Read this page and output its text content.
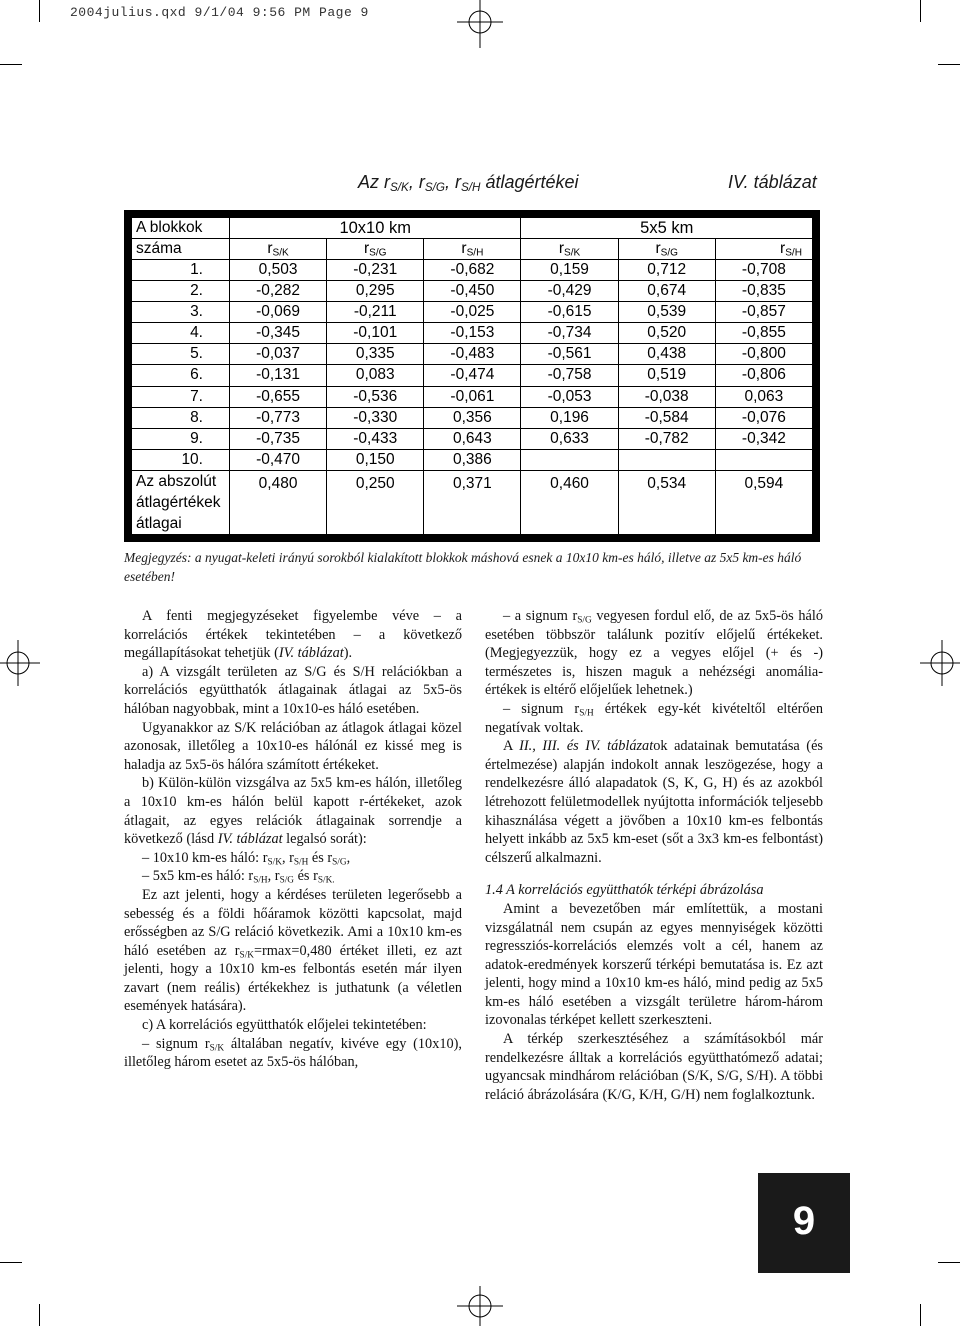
2004julius.qxd 9/1/04 9:56 PM Page 9
Az $r_{S/K}$, $r_{S/G}$, $r_{S/H}$ átlagértékei	IV. táblázat
A blokkok	10x10 km			5x5 km		
száma	$r_{S/K}$	$r_{S/G}$	$r_{S/H}$	$r_{S/K}$	$r_{S/G}$	$r_{S/H}$
1.	0,503	-0,231	-0,682	0,159	0,712	-0,708
2.	-0,282	0,295	-0,450	-0,429	0,674	-0,835
3.	-0,069	-0,211	-0,025	-0,615	0,539	-0,857
4.	-0,345	-0,101	-0,153	-0,734	0,520	-0,855
5.	-0,037	0,335	-0,483	-0,561	0,438	-0,800
6.	-0,131	0,083	-0,474	-0,758	0,519	-0,806
7.	-0,655	-0,536	-0,061	-0,053	-0,038	0,063
8.	-0,773	-0,330	0,356	0,196	-0,584	-0,076
9.	-0,735	-0,433	0,643	0,633	-0,782	-0,342
10.	-0,470	0,150	0,386			
Az abszolút
átlagértékek
átlagai	0,480	0,250	0,371	0,460	0,534	0,594
Megjegyzés: a nyugat-keleti irányú sorokból kialakított blokkok máshová esnek a 10x10 km-es háló, illetve az 5x5 km-es háló esetében!

A fenti megjegyzéseket figyelembe véve – a korrelációs értékek tekintetében – a következő megállapításokat tehetjük (IV. táblázat).

a) A vizsgált területen az S/G és S/H relációkban a korrelációs együtthatók átlagainak átlagai az 5x5-ös hálóban nagyobbak, mint a 10x10-es háló esetében.

Ugyanakkor az S/K relációban az átlagok átlagai közel azonosak, illetőleg a 10x10-es hálónál ez kissé meg is haladja az 5x5-ös hálóra számított értékeket.

b) Külön-külön vizsgálva az 5x5 km-es hálón, illetőleg a 10x10 km-es hálón belül kapott r-értékeket, azok átlagait, az egyes relációk átlagainak sorrendje a következő (lásd IV. táblázat legalsó sorát):

– 10x10 km-es háló: $r_{S/K}$, $r_{S/H}$ és $r_{S/G}$,

– 5x5 km-es háló: $r_{S/H}$, $r_{S/G}$ és $r_{S/K.}$

Ez azt jelenti, hogy a kérdéses területen legerősebb a sebesség és a földi hőáramok közötti kapcsolat, majd erősségben az S/G reláció következik. Ami a 10x10 km-es háló esetében az $r_{S/K}=rmax=0,480$ értéket illeti, ez azt jelenti, hogy a 10x10 km-es felbontás esetén már ilyen zavart (nem reális) értékekhez is juthatunk (a véletlen események hatására).

c) A korrelációs együtthatók előjelei tekintetében:

– signum $r_{S/K}$ általában negatív, kivéve egy (10x10), illetőleg három esetet az 5x5-ös hálóban,

– a signum $r_{S/G}$ vegyesen fordul elő, de az 5x5-ös háló esetében többször találunk pozitív előjelű értékeket. (Megjegyezzük, hogy ez a vegyes előjel (+ és -) természetes is, hiszen maguk a nehézségi anomália-értékek is eltérő előjelűek lehetnek.)

– signum $r_{S/H}$ értékek egy-két kivételtől eltérően negatívak voltak.

A II., III. és IV. táblázatok adatainak bemutatása (és értelmezése) alapján indokolt annak leszögezése, hogy a rendelkezésre álló alapadatok (S, K, G, H) és az azokból létrehozott felületmodellek nyújtotta információk teljesebb kihasználása végett a jövőben a 10x10 km-es felbontás helyett inkább az 5x5 km-eset (sőt a 3x3 km-es felbontást) célszerű alkalmazni.

1.4 A korrelációs együtthatók térképi ábrázolása

Amint a bevezetőben már említettük, a mostani vizsgálatnál nem csupán az egyes mennyiségek közötti regressziós-korrelációs elemzés volt a cél, hanem az adatok-eredmények korszerű térképi bemutatása is. Ez azt jelenti, hogy mind a 10x10 km-es háló, mind pedig az 5x5 km-es háló esetében a vizsgált területre három-három izovonalas térképet kellett szerkeszteni.

A térkép szerkesztéséhez a számításokból már rendelkezésre álltak a korrelációs együtthatómező adatai; ugyancsak mindhárom relációban (S/K, S/G, S/H). A többi reláció ábrázolására (K/G, K/H, G/H) nem foglalkoztunk.

9
